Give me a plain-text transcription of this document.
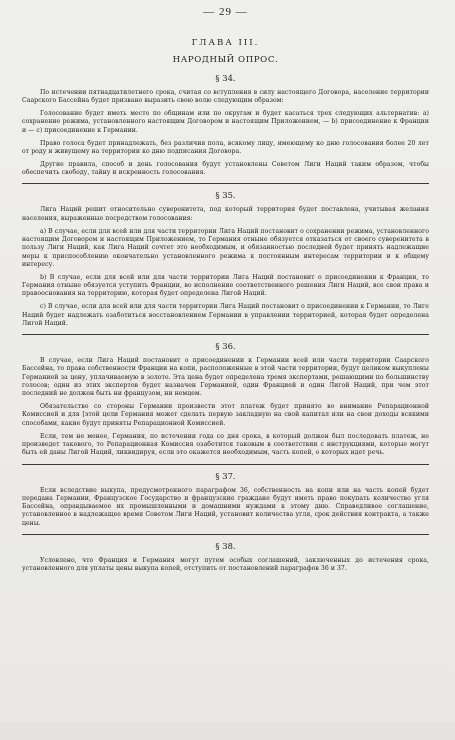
— 29 —
ГЛАВА III.
НАРОДНЫЙ ОПРОС.
§ 34.

По истечении пятнадцатилетнего срока, считая со вступления в силу настоящего Договора, население территории Саарского Бассейна будет призвано выразить свою волю следующим образом:

Голосование будет иметь место по общинам или по округам и будет касаться трех следующих альтернатив: a) сохранение режима, установленного настоящим Договором и настоящим Приложением, — b) присоединение к Франции и — c) присоединение к Германии.

Право голоса будет принадлежать, без различия пола, всякому лицу, имеющему ко дню голосования более 20 лет от роду и живущему на территории ко дню подписания Договора.

Другие правила, способ и день голосования будут установлены Советом Лиги Наций таким образом, чтобы обеспечить свободу, тайну и искренность голосования.

§ 35.

Лига Наций решит относительно суверенитета, под который территория будет поставлена, учитывая желания населения, выраженные посредством голосования:

a) В случае, если для всей или для части территории Лига Наций постановит о сохранении режима, установленного настоящим Договором и настоящим Приложением, то Германия отныне обязуется отказаться от своего суверенитета в пользу Лиги Наций, как Лига Наций сочтет это необходимым, и обязанностью последней будет принять надлежащие меры к приспособлению окончательно установленного режима к постоянным интересам территории и к общему интересу.

b) В случае, если для всей или для части территории Лига Наций постановит о присоединении к Франции, то Германия отныне обязуется уступить Франции, во исполнение соответственного решения Лиги Наций, все свои права и правооснования на территорию, которая будет определена Лигой Наций.

c) В случае, если для всей или для части территории Лига Наций постановит о присоединении к Германии, то Лиге Наций будет надлежать озаботиться восстановлением Германии в управлении территорией, которая будет определена Лигой Наций.

§ 36.

В случае, если Лига Наций постановит о присоединении к Германии всей или части территории Саарского Бассейна, то права собственности Франции на копи, расположенные в этой части территории, будут целиком выкуплены Германией за цену, уплачиваемую в золоте. Эта цена будет определена тремя экспертами, решающими по большинству голосов; один из этих экспертов будет назначен Германией, один Францией и один Лигой Наций, при чем этот последний не должен быть ни французом, ни немцем.

Обязательство со стороны Германии произвести этот платеж будет принято во внимание Репарационной Комиссией и для [этой цели Германия может сделать первую закладную на свой капитал или на свои доходы всякими способами, какие будут приняты Репарационной Комиссией.

Если, тем не менее, Германия, по истечении года со дня срока, в который должен был последовать платеж, не произведет такового, то Репарационная Комиссия озаботится таковым в соответствии с инструкциями, которые могут быть ей даны Лигой Наций, ликвидируя, если это окажется необходимым, часть копей, о которых идет речь.

§ 37.

Если вследствие выкупа, предусмотренного параграфом 36, собственность на копи или на часть копей будет передана Германии, Французское Государство и французские граждане будут иметь право покупать количество угля Бассейна, оправдываемое их промышленными и домашними нуждами к этому дню. Справедливое соглашение, установленное в надлежащее время Советом Лиги Наций, установит количества угля, срок действия контракта, а также цены.

§ 38.

Условлено, что Франция и Германия могут путем особых соглашений, заключенных до истечения срока, установленного для уплаты цены выкупа копей, отступить от постановлений параграфов 36 и 37.
